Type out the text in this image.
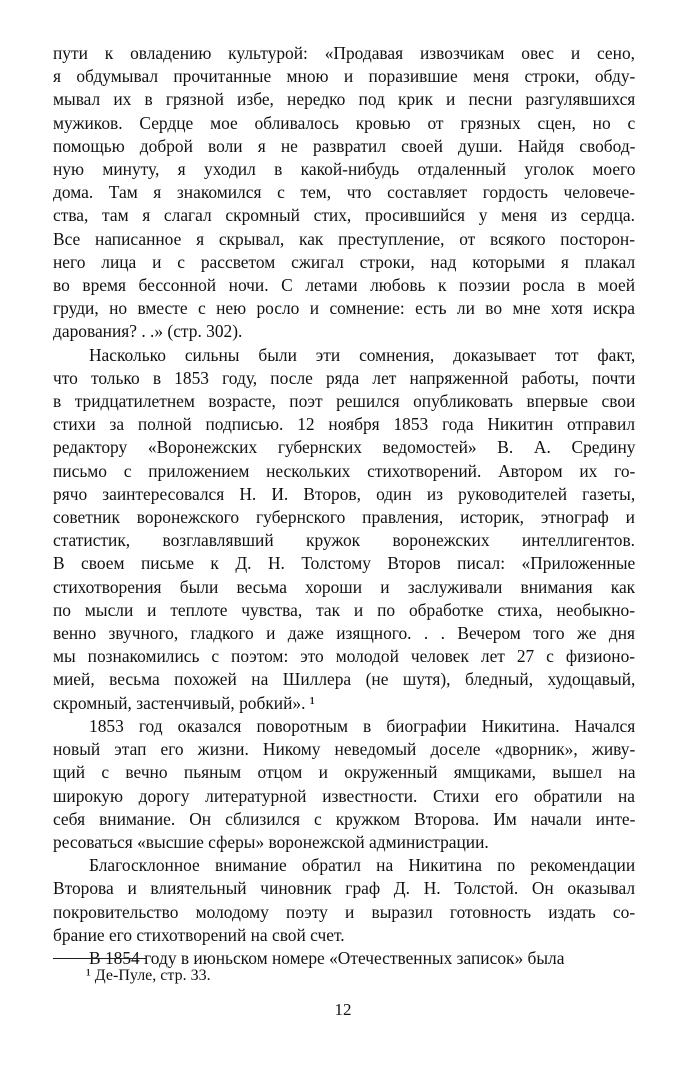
пути к овладению культурой: «Продавая извозчикам овес и сено,
я обдумывал прочитанные мною и поразившие меня строки, обду-
мывал их в грязной избе, нередко под крик и песни разгулявшихся
мужиков. Сердце мое обливалось кровью от грязных сцен, но с
помощью доброй воли я не развратил своей души. Найдя свобод-
ную минуту, я уходил в какой-нибудь отдаленный уголок моего
дома. Там я знакомился с тем, что составляет гордость человече-
ства, там я слагал скромный стих, просившийся у меня из сердца.
Все написанное я скрывал, как преступление, от всякого посторон-
него лица и с рассветом сжигал строки, над которыми я плакал
во время бессонной ночи. С летами любовь к поэзии росла в моей
груди, но вместе с нею росло и сомнение: есть ли во мне хотя искра
дарования? . .» (стр. 302).
Насколько сильны были эти сомнения, доказывает тот факт,
что только в 1853 году, после ряда лет напряженной работы, почти
в тридцатилетнем возрасте, поэт решился опубликовать впервые свои
стихи за полной подписью. 12 ноября 1853 года Никитин отправил
редактору «Воронежских губернских ведомостей» В. А. Средину
письмо с приложением нескольких стихотворений. Автором их го-
рячо заинтересовался Н. И. Второв, один из руководителей газеты,
советник воронежского губернского правления, историк, этнограф и
статистик, возглавлявший кружок воронежских интеллигентов.
В своем письме к Д. Н. Толстому Второв писал: «Приложенные
стихотворения были весьма хороши и заслуживали внимания как
по мысли и теплоте чувства, так и по обработке стиха, необыкно-
венно звучного, гладкого и даже изящного. . . Вечером того же дня
мы познакомились с поэтом: это молодой человек лет 27 с физионо-
мией, весьма похожей на Шиллера (не шутя), бледный, худощавый,
скромный, застенчивый, робкий». ¹
1853 год оказался поворотным в биографии Никитина. Начался
новый этап его жизни. Никому неведомый доселе «дворник», живу-
щий с вечно пьяным отцом и окруженный ямщиками, вышел на
широкую дорогу литературной известности. Стихи его обратили на
себя внимание. Он сблизился с кружком Второва. Им начали инте-
ресоваться «высшие сферы» воронежской администрации.
Благосклонное внимание обратил на Никитина по рекомендации
Второва и влиятельный чиновник граф Д. Н. Толстой. Он оказывал
покровительство молодому поэту и выразил готовность издать со-
брание его стихотворений на свой счет.
В 1854 году в июньском номере «Отечественных записок» была
¹ Де-Пуле, стр. 33.
12
